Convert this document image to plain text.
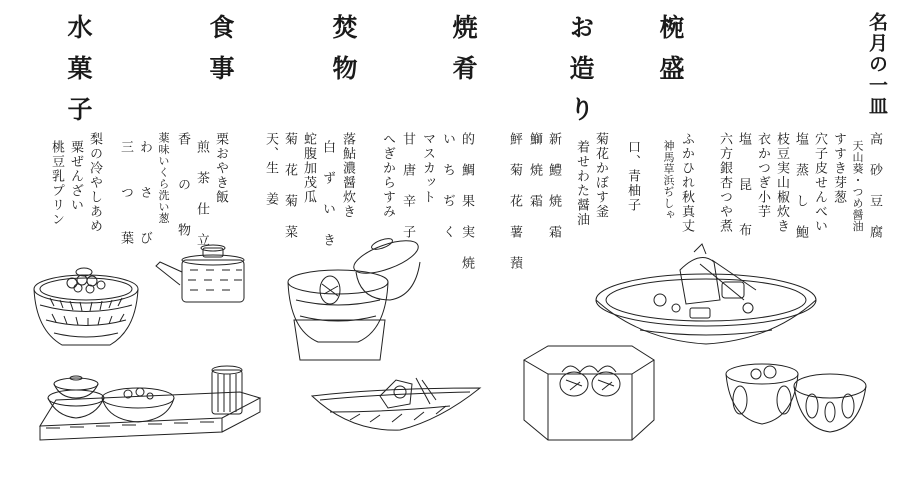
名月の一皿
椀盛
高 砂 豆 腐
天山葵・つめ醤油
すすき芽葱
穴子皮せんべい
塩 蒸 し 鮑
枝豆実山椒炊き
衣かつぎ小芋
塩　 昆　 布
六方銀杏つや煮
お造り
ふかひれ秋真丈
神馬草浜ぢしゃ
口、青柚子
焼肴
菊花かぼす釜
着せわた醤油
新 鱧 焼 霜
鰤 焼 霜
鮃 菊 花 薯 蕷
焚物
的 鯛 果 実 焼
い ち ぢ く
マスカット
甘 唐 辛 子
へぎからすみ
食事
落鮎濃醤炊き
白 ず い き
蛇腹加茂瓜
菊 花 菊 菜
天、生 姜
水菓子
栗おやき飯
煎 茶 仕 立
香 　の　 物
薬味いくら洗い葱
わ　 さ 　び
三　 つ 　葉
梨の冷やしあめ
粟ぜんざい
桃豆乳プリン
